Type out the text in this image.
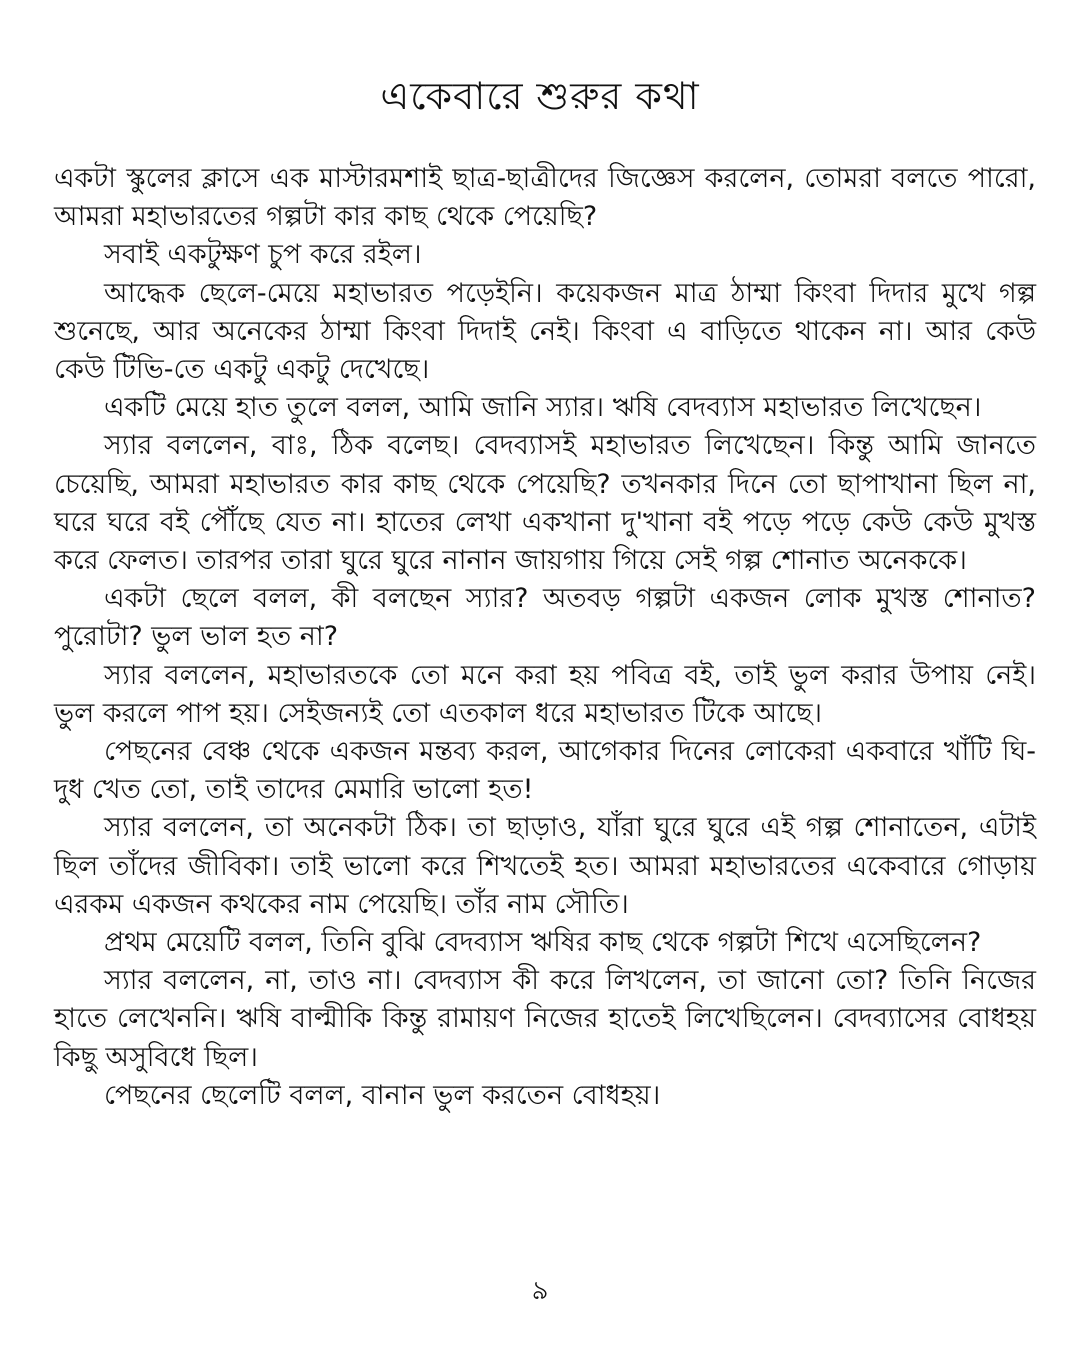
একেবারে শুরুর কথা

একটা স্কুলের ক্লাসে এক মাস্টারমশাই ছাত্র-ছাত্রীদের জিজ্ঞেস করলেন, তোমরা বলতে পারো, আমরা মহাভারতের গল্পটা কার কাছ থেকে পেয়েছি?

সবাই একটুক্ষণ চুপ করে রইল।

আদ্ধেক ছেলে-মেয়ে মহাভারত পড়েইনি। কয়েকজন মাত্র ঠাম্মা কিংবা দিদার মুখে গল্প শুনেছে, আর অনেকের ঠাম্মা কিংবা দিদাই নেই। কিংবা এ বাড়িতে থাকেন না। আর কেউ কেউ টিভি-তে একটু একটু দেখেছে।

একটি মেয়ে হাত তুলে বলল, আমি জানি স্যার। ঋষি বেদব্যাস মহাভারত লিখেছেন।

স্যার বললেন, বাঃ, ঠিক বলেছ। বেদব্যাসই মহাভারত লিখেছেন। কিন্তু আমি জানতে চেয়েছি, আমরা মহাভারত কার কাছ থেকে পেয়েছি? তখনকার দিনে তো ছাপাখানা ছিল না, ঘরে ঘরে বই পৌঁছে যেত না। হাতের লেখা একখানা দু'খানা বই পড়ে পড়ে কেউ কেউ মুখস্ত করে ফেলত। তারপর তারা ঘুরে ঘুরে নানান জায়গায় গিয়ে সেই গল্প শোনাত অনেককে।

একটা ছেলে বলল, কী বলছেন স্যার? অতবড় গল্পটা একজন লোক মুখস্ত শোনাত? পুরোটা? ভুল ভাল হত না?

স্যার বললেন, মহাভারতকে তো মনে করা হয় পবিত্র বই, তাই ভুল করার উপায় নেই। ভুল করলে পাপ হয়। সেইজন্যই তো এতকাল ধরে মহাভারত টিকে আছে।

পেছনের বেঞ্চ থেকে একজন মন্তব্য করল, আগেকার দিনের লোকেরা একবারে খাঁটি ঘি-দুধ খেত তো, তাই তাদের মেমারি ভালো হত!

স্যার বললেন, তা অনেকটা ঠিক। তা ছাড়াও, যাঁরা ঘুরে ঘুরে এই গল্প শোনাতেন, এটাই ছিল তাঁদের জীবিকা। তাই ভালো করে শিখতেই হত। আমরা মহাভারতের একেবারে গোড়ায় এরকম একজন কথকের নাম পেয়েছি। তাঁর নাম সৌতি।

প্রথম মেয়েটি বলল, তিনি বুঝি বেদব্যাস ঋষির কাছ থেকে গল্পটা শিখে এসেছিলেন?

স্যার বললেন, না, তাও না। বেদব্যাস কী করে লিখলেন, তা জানো তো? তিনি নিজের হাতে লেখেননি। ঋষি বাল্মীকি কিন্তু রামায়ণ নিজের হাতেই লিখেছিলেন। বেদব্যাসের বোধহয় কিছু অসুবিধে ছিল।

পেছনের ছেলেটি বলল, বানান ভুল করতেন বোধহয়।

৯
